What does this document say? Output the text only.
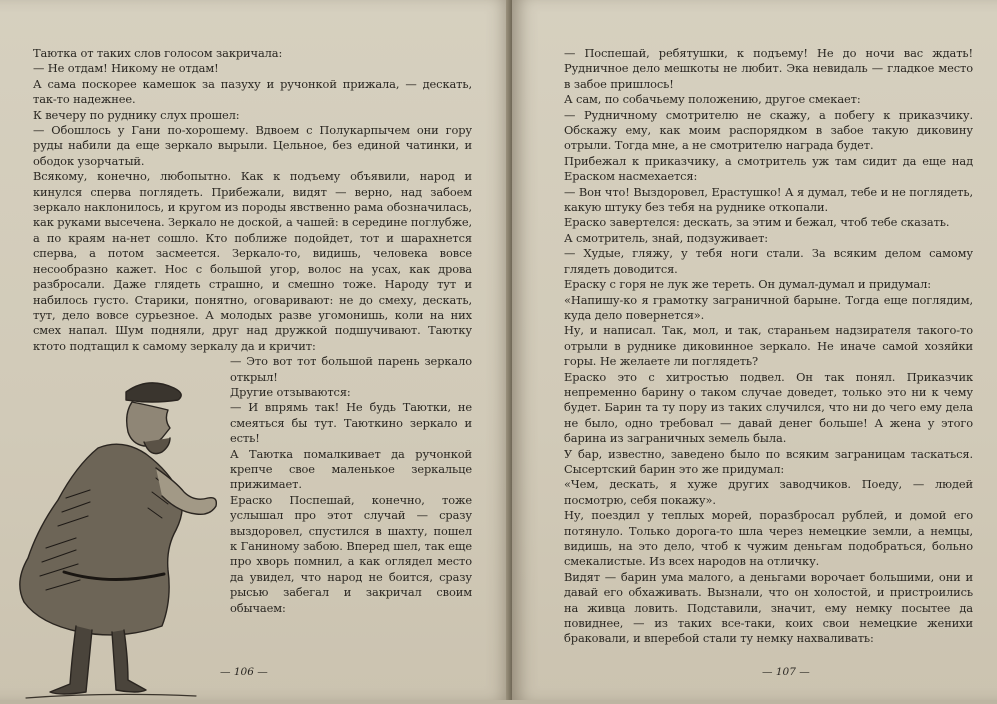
Таютка от таких слов голосом закричала:

— Не отдам! Никому не отдам!

А сама поскорее камешок за пазуху и ручонкой прижала, — дескать, так-то надежнее.

К вечеру по руднику слух прошел:

— Обошлось у Гани по-хорошему. Вдвоем с Полукарпычем они гору руды набили да еще зеркало вырыли. Цельное, без единой чатинки, и ободок узорчатый.

Всякому, конечно, любопытно. Как к подъему объявили, народ и кинулся сперва поглядеть. Прибежали, видят — верно, над забоем зеркало наклонилось, и кругом из породы явственно рама обозначилась, как руками высечена. Зеркало не доской, а чашей: в середине поглубже, а по краям на-нет сошло. Кто поближе подойдет, тот и шарахнется сперва, а потом засмеется. Зеркало-то, видишь, человека вовсе несообразно кажет. Нос с большой угор, волос на усах, как дрова разбросали. Даже глядеть страшно, и смешно тоже. Народу тут и набилось густо. Старики, понятно, оговаривают: не до смеху, дескать, тут, дело вовсе сурьезное. А молодых разве угомонишь, коли на них смех напал. Шум подняли, друг над дружкой подшучивают. Таютку ктото подтащил к самому зеркалу да и кричит:

— Это вот тот большой парень зеркало открыл!

Другие отзываются:

— И впрямь так! Не будь Таютки, не смеяться бы тут. Таюткино зеркало и есть!

А Таютка помалкивает да ручонкой крепче свое маленькое зеркальце прижимает.

Ераско Поспешай, конечно, тоже услышал про этот случай — сразу выздоровел, спустился в шахту, пошел к Ганиному забою. Вперед шел, так еще про хворь помнил, а как оглядел место да увидел, что народ не боится, сразу рысью забегал и закричал своим обычаем:

— 106 —

— Поспешай, ребятушки, к подъему! Не до ночи вас ждать! Рудничное дело мешкоты не любит. Эка невидаль — гладкое место в забое пришлось!

А сам, по собачьему положению, другое смекает:

— Рудничному смотрителю не скажу, а побегу к приказчику. Обскажу ему, как моим распорядком в забое такую диковину отрыли. Тогда мне, а не смотрителю награда будет.

Прибежал к приказчику, а смотритель уж там сидит да еще над Ераском насмехается:

— Вон что! Выздоровел, Ерастушко! А я думал, тебе и не поглядеть, какую штуку без тебя на руднике откопали.

Ераско завертелся: дескать, за этим и бежал, чтоб тебе сказать.

А смотритель, знай, подзуживает:

— Худые, гляжу, у тебя ноги стали. За всяким делом самому глядеть доводится.

Ераску с горя не лук же тереть. Он думал-думал и придумал:

«Напишу-ко я грамотку заграничной барыне. Тогда еще поглядим, куда дело повернется».

Ну, и написал. Так, мол, и так, стараньем надзирателя такого-то отрыли в руднике диковинное зеркало. Не иначе самой хозяйки горы. Не желаете ли поглядеть?

Ераско это с хитростью подвел. Он так понял. Приказчик непременно барину о таком случае доведет, только это ни к чему будет. Барин та ту пору из таких случился, что ни до чего ему дела не было, одно требовал — давай денег больше! А жена у этого барина из заграничных земель была.

У бар, известно, заведено было по всяким заграницам таскаться. Сысертский барин это же придумал:

«Чем, дескать, я хуже других заводчиков. Поеду, — людей посмотрю, себя покажу».

Ну, поездил у теплых морей, поразбросал рублей, и домой его потянуло. Только дорога-то шла через немецкие земли, а немцы, видишь, на это дело, чтоб к чужим деньгам подобраться, больно смекалистые. Из всех народов на отличку.

Видят — барин ума малого, а деньгами ворочает большими, они и давай его обхаживать. Вызнали, что он холостой, и пристроились на живца ловить. Подставили, значит, ему немку посытее да повиднее, — из таких все-таки, коих свои немецкие женихи браковали, и вперебой стали ту немку нахваливать:

— 107 —
